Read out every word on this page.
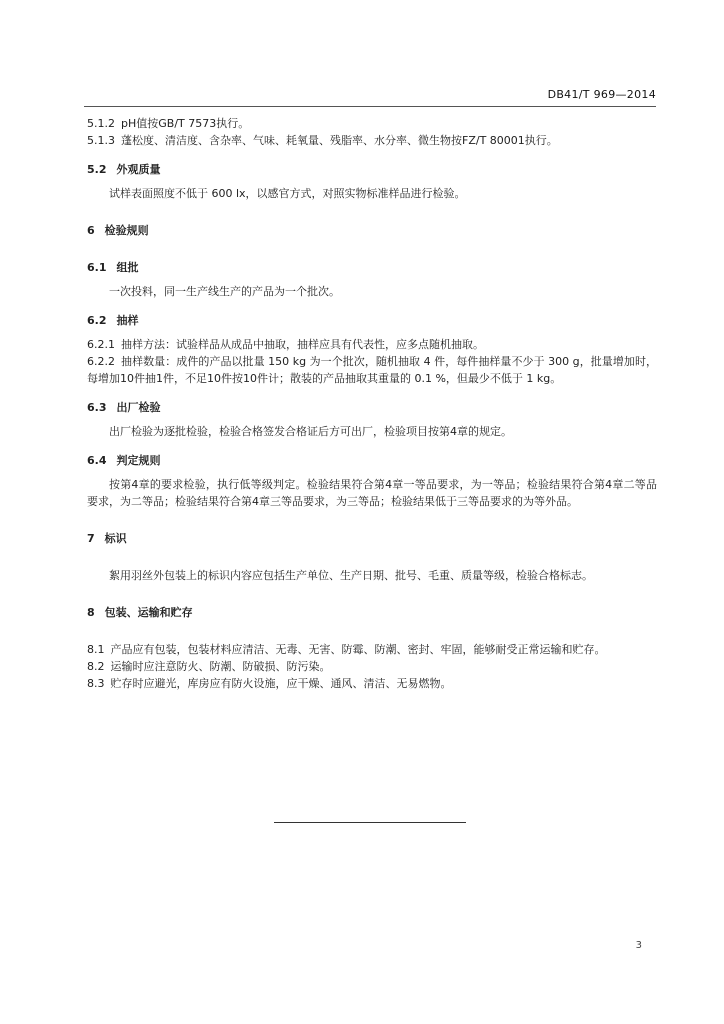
DB41/T 969—2014

5.1.2 pH值按GB/T 7573执行。

5.1.3 蓬松度、清洁度、含杂率、气味、耗氧量、残脂率、水分率、微生物按FZ/T 80001执行。

5.2 外观质量

试样表面照度不低于 600 lx，以感官方式，对照实物标准样品进行检验。

6 检验规则

6.1 组批

一次投料，同一生产线生产的产品为一个批次。

6.2 抽样

6.2.1 抽样方法：试验样品从成品中抽取，抽样应具有代表性，应多点随机抽取。

6.2.2 抽样数量：成件的产品以批量 150 kg 为一个批次，随机抽取 4 件，每件抽样量不少于 300 g，批量增加时，每增加10件抽1件，不足10件按10件计；散装的产品抽取其重量的 0.1 %，但最少不低于 1 kg。

6.3 出厂检验

出厂检验为逐批检验，检验合格签发合格证后方可出厂，检验项目按第4章的规定。

6.4 判定规则

按第4章的要求检验，执行低等级判定。检验结果符合第4章一等品要求，为一等品；检验结果符合第4章二等品要求，为二等品；检验结果符合第4章三等品要求，为三等品；检验结果低于三等品要求的为等外品。

7 标识

絮用羽丝外包装上的标识内容应包括生产单位、生产日期、批号、毛重、质量等级，检验合格标志。

8 包装、运输和贮存

8.1 产品应有包装，包装材料应清洁、无毒、无害、防霉、防潮、密封、牢固，能够耐受正常运输和贮存。

8.2 运输时应注意防火、防潮、防破损、防污染。

8.3 贮存时应避光，库房应有防火设施，应干燥、通风、清洁、无易燃物。

3
